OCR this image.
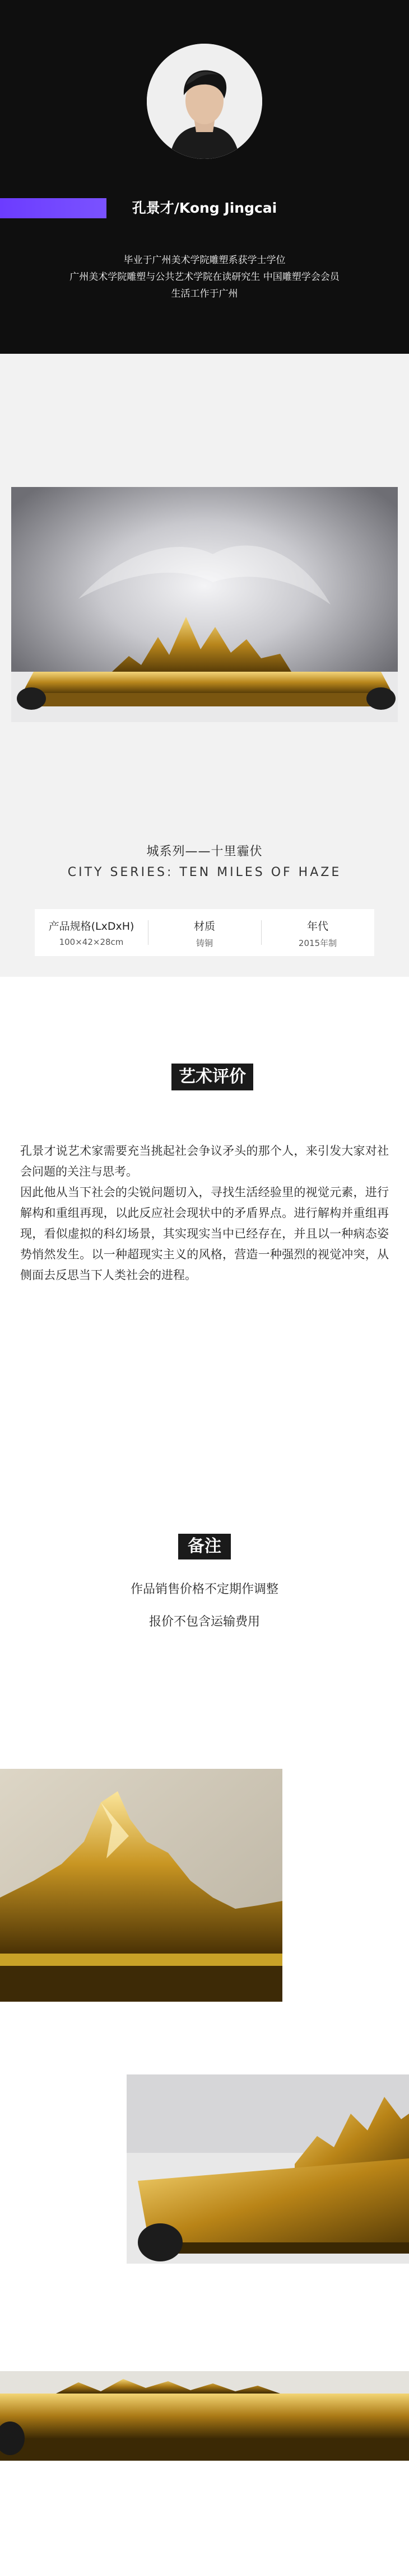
孔景才/Kong Jingcai
毕业于广州美术学院雕塑系获学士学位
广州美术学院雕塑与公共艺术学院在读研究生 中国雕塑学会会员
生活工作于广州
城系列——十里霾伏
CITY SERIES: TEN MILES OF HAZE
产品规格(LxDxH)
100×42×28cm
材质
铸铜
年代
2015年制
艺术评价

孔景才说艺术家需要充当挑起社会争议矛头的那个人，来引发大家对社会问题的关注与思考。

因此他从当下社会的尖锐问题切入，寻找生活经验里的视觉元素，进行解构和重组再现，以此反应社会现状中的矛盾界点。进行解构并重组再现，看似虚拟的科幻场景，其实现实当中已经存在，并且以一种病态姿势悄然发生。以一种超现实主义的风格，营造一种强烈的视觉冲突，从侧面去反思当下人类社会的进程。

备注
作品销售价格不定期作调整
报价不包含运输费用
